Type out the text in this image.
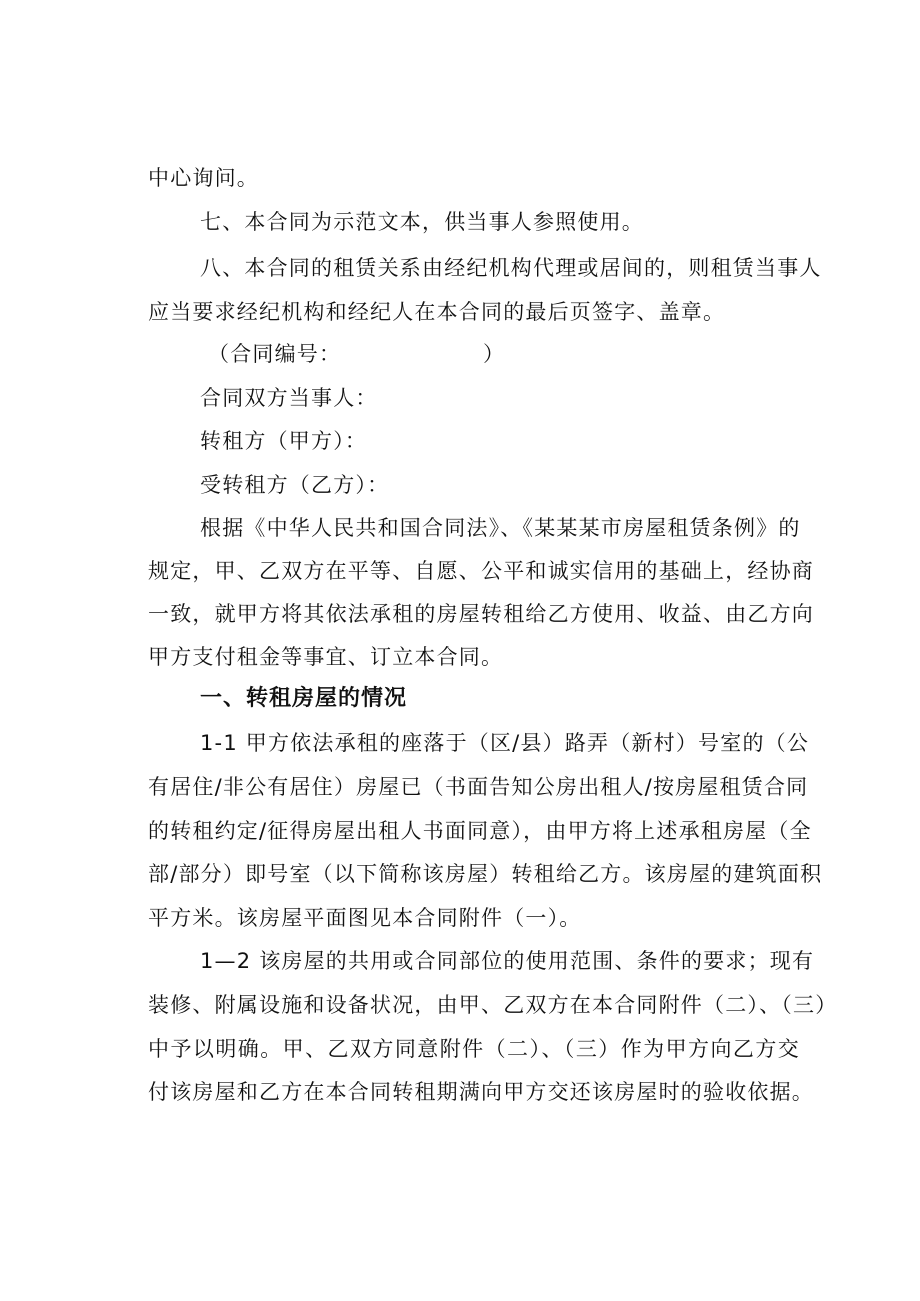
中心询问。
七、本合同为示范文本，供当事人参照使用。
八、本合同的租赁关系由经纪机构代理或居间的，则租赁当事人
应当要求经纪机构和经纪人在本合同的最后页签字、盖章。
（合同编号：                  ）
合同双方当事人：
转租方（甲方）：
受转租方（乙方）：
根据《中华人民共和国合同法》、《某某某市房屋租赁条例》的
规定，甲、乙双方在平等、自愿、公平和诚实信用的基础上，经协商
一致，就甲方将其依法承租的房屋转租给乙方使用、收益、由乙方向
甲方支付租金等事宜、订立本合同。
一、转租房屋的情况
1-1 甲方依法承租的座落于（区/县）路弄（新村）号室的（公
有居住/非公有居住）房屋已（书面告知公房出租人/按房屋租赁合同
的转租约定/征得房屋出租人书面同意），由甲方将上述承租房屋（全
部/部分）即号室（以下简称该房屋）转租给乙方。该房屋的建筑面积
平方米。该房屋平面图见本合同附件（一）。
1—2 该房屋的共用或合同部位的使用范围、条件的要求；现有
装修、附属设施和设备状况，由甲、乙双方在本合同附件（二）、（三）
中予以明确。甲、乙双方同意附件（二）、（三）作为甲方向乙方交
付该房屋和乙方在本合同转租期满向甲方交还该房屋时的验收依据。
